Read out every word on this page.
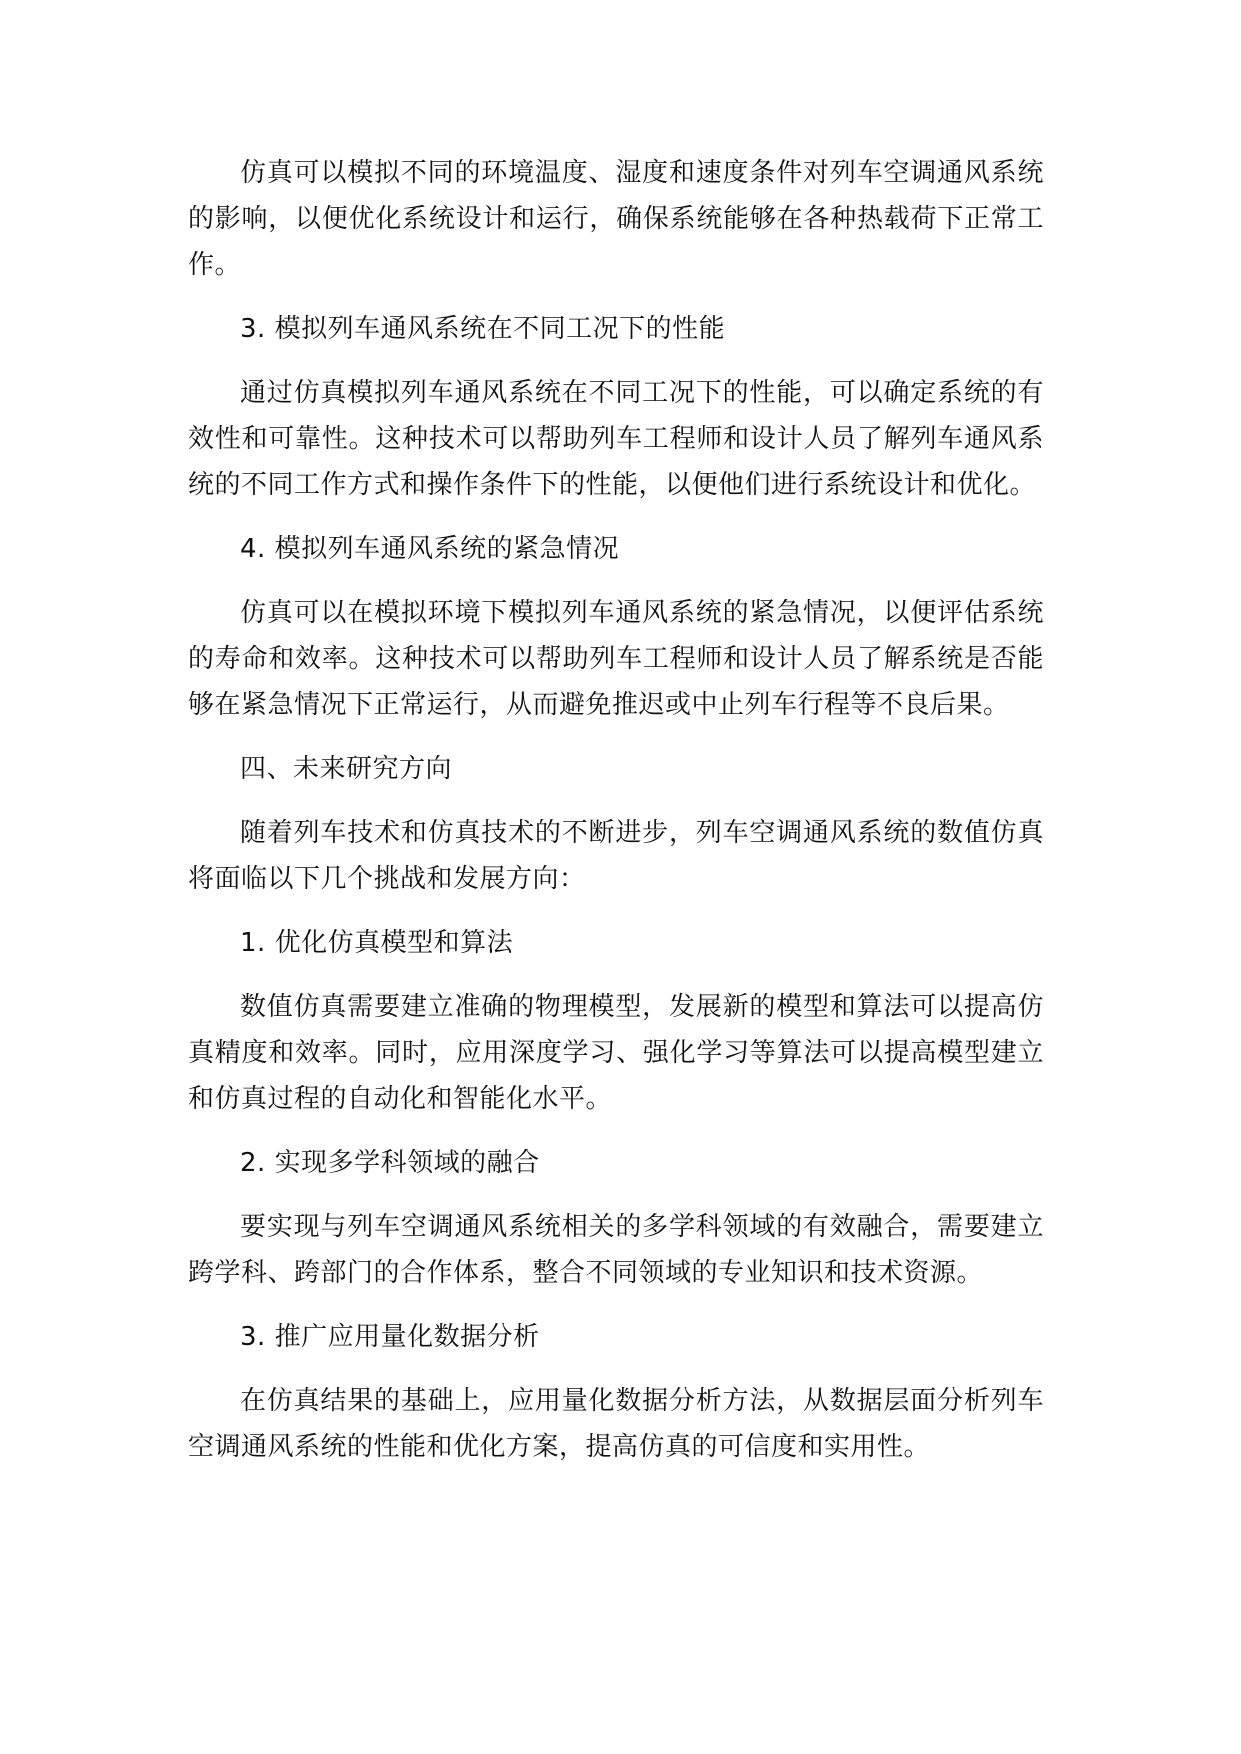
仿真可以模拟不同的环境温度、湿度和速度条件对列车空调通风系统的影响，以便优化系统设计和运行，确保系统能够在各种热载荷下正常工作。

3. 模拟列车通风系统在不同工况下的性能

通过仿真模拟列车通风系统在不同工况下的性能，可以确定系统的有效性和可靠性。这种技术可以帮助列车工程师和设计人员了解列车通风系统的不同工作方式和操作条件下的性能，以便他们进行系统设计和优化。

4. 模拟列车通风系统的紧急情况

仿真可以在模拟环境下模拟列车通风系统的紧急情况，以便评估系统的寿命和效率。这种技术可以帮助列车工程师和设计人员了解系统是否能够在紧急情况下正常运行，从而避免推迟或中止列车行程等不良后果。

四、未来研究方向

随着列车技术和仿真技术的不断进步，列车空调通风系统的数值仿真将面临以下几个挑战和发展方向：

1. 优化仿真模型和算法

数值仿真需要建立准确的物理模型，发展新的模型和算法可以提高仿真精度和效率。同时，应用深度学习、强化学习等算法可以提高模型建立和仿真过程的自动化和智能化水平。

2. 实现多学科领域的融合

要实现与列车空调通风系统相关的多学科领域的有效融合，需要建立跨学科、跨部门的合作体系，整合不同领域的专业知识和技术资源。

3. 推广应用量化数据分析

在仿真结果的基础上，应用量化数据分析方法，从数据层面分析列车空调通风系统的性能和优化方案，提高仿真的可信度和实用性。
